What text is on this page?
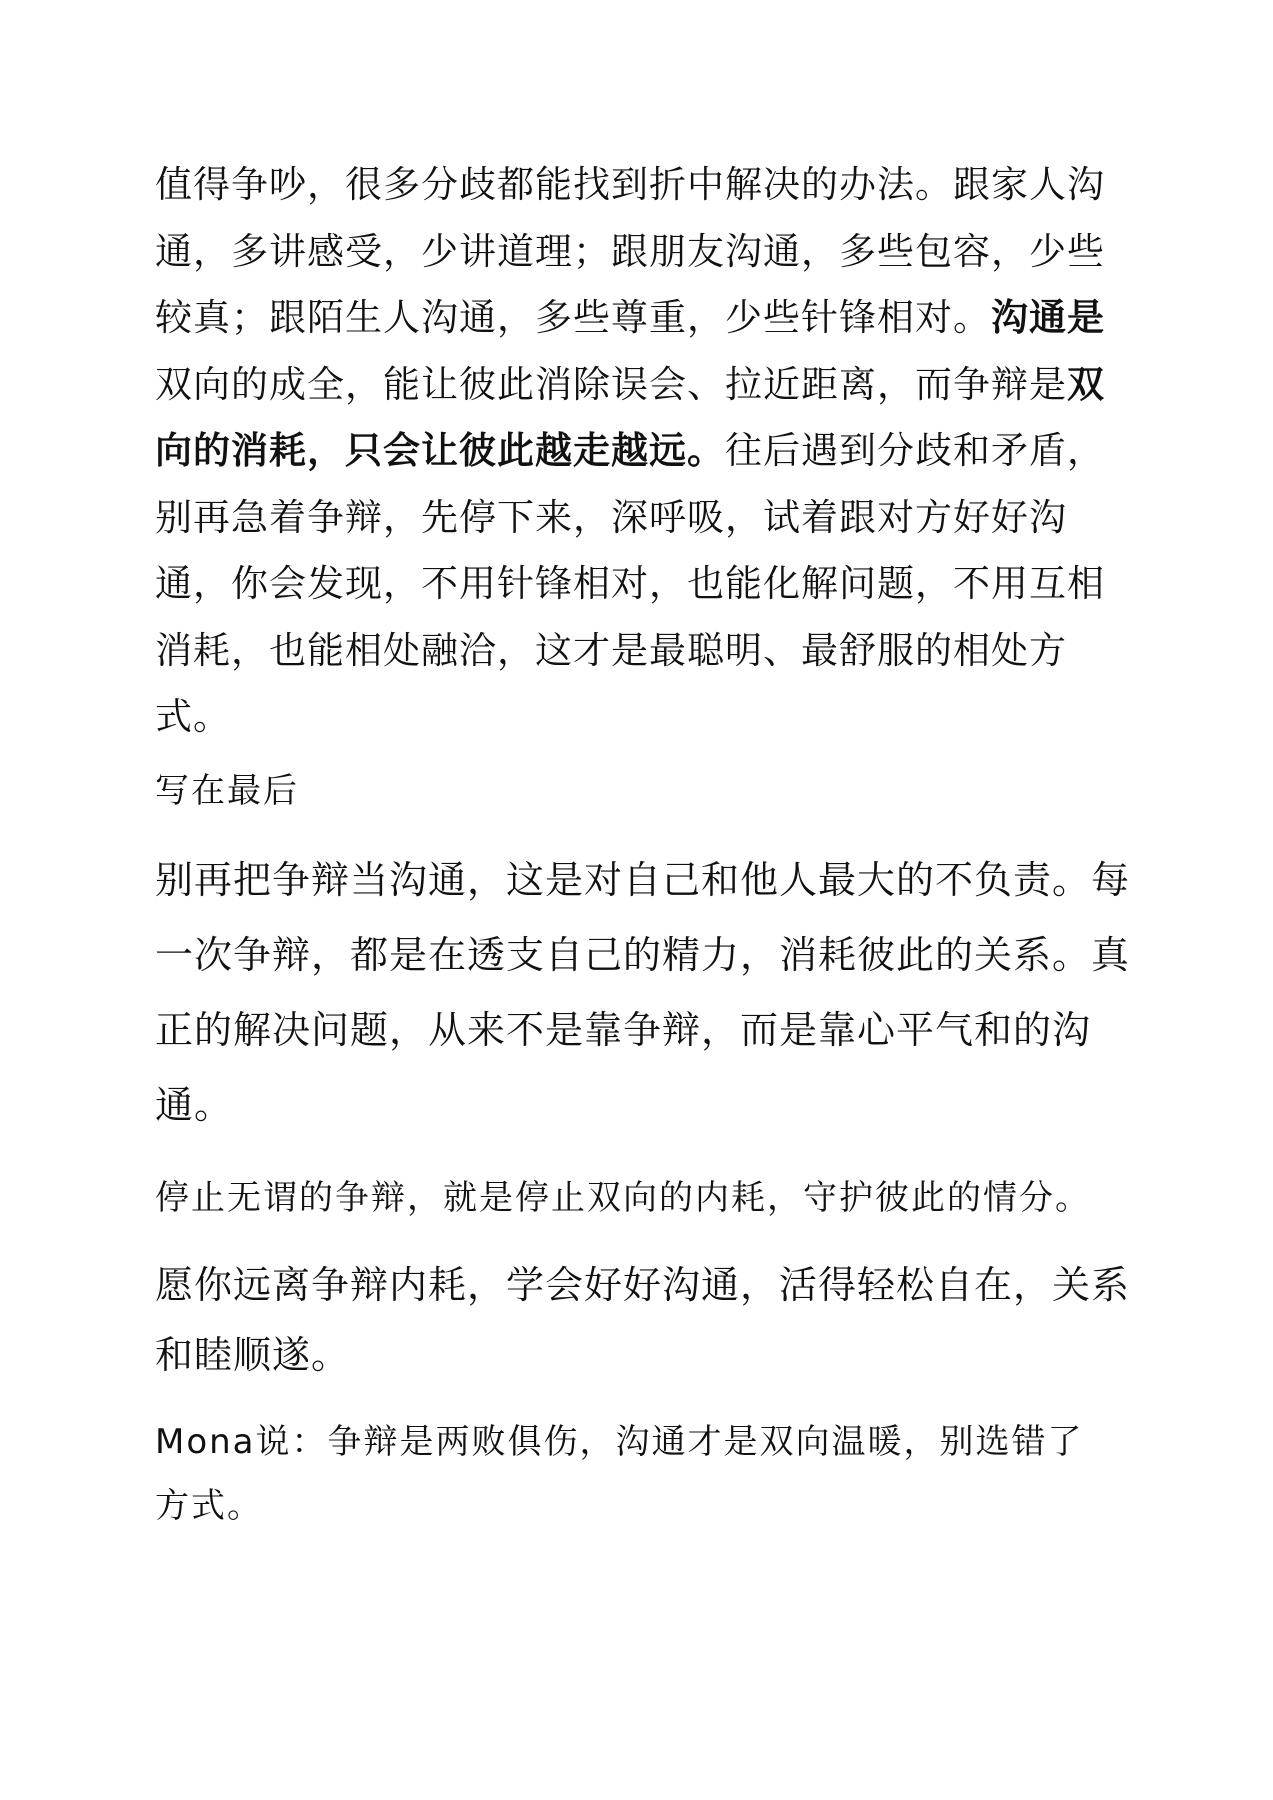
值得争吵，很多分歧都能找到折中解决的办法。跟家人沟通，多讲感受，少讲道理；跟朋友沟通，多些包容，少些较真；跟陌生人沟通，多些尊重，少些针锋相对。沟通是双向的成全，能让彼此消除误会、拉近距离，而争辩是双向的消耗，只会让彼此越走越远。往后遇到分歧和矛盾，别再急着争辩，先停下来，深呼吸，试着跟对方好好沟通，你会发现，不用针锋相对，也能化解问题，不用互相消耗，也能相处融洽，这才是最聪明、最舒服的相处方式。

写在最后

别再把争辩当沟通，这是对自己和他人最大的不负责。每一次争辩，都是在透支自己的精力，消耗彼此的关系。真正的解决问题，从来不是靠争辩，而是靠心平气和的沟通。

停止无谓的争辩，就是停止双向的内耗，守护彼此的情分。

愿你远离争辩内耗，学会好好沟通，活得轻松自在，关系和睦顺遂。

Mona说：争辩是两败俱伤，沟通才是双向温暖，别选错了 方式。
